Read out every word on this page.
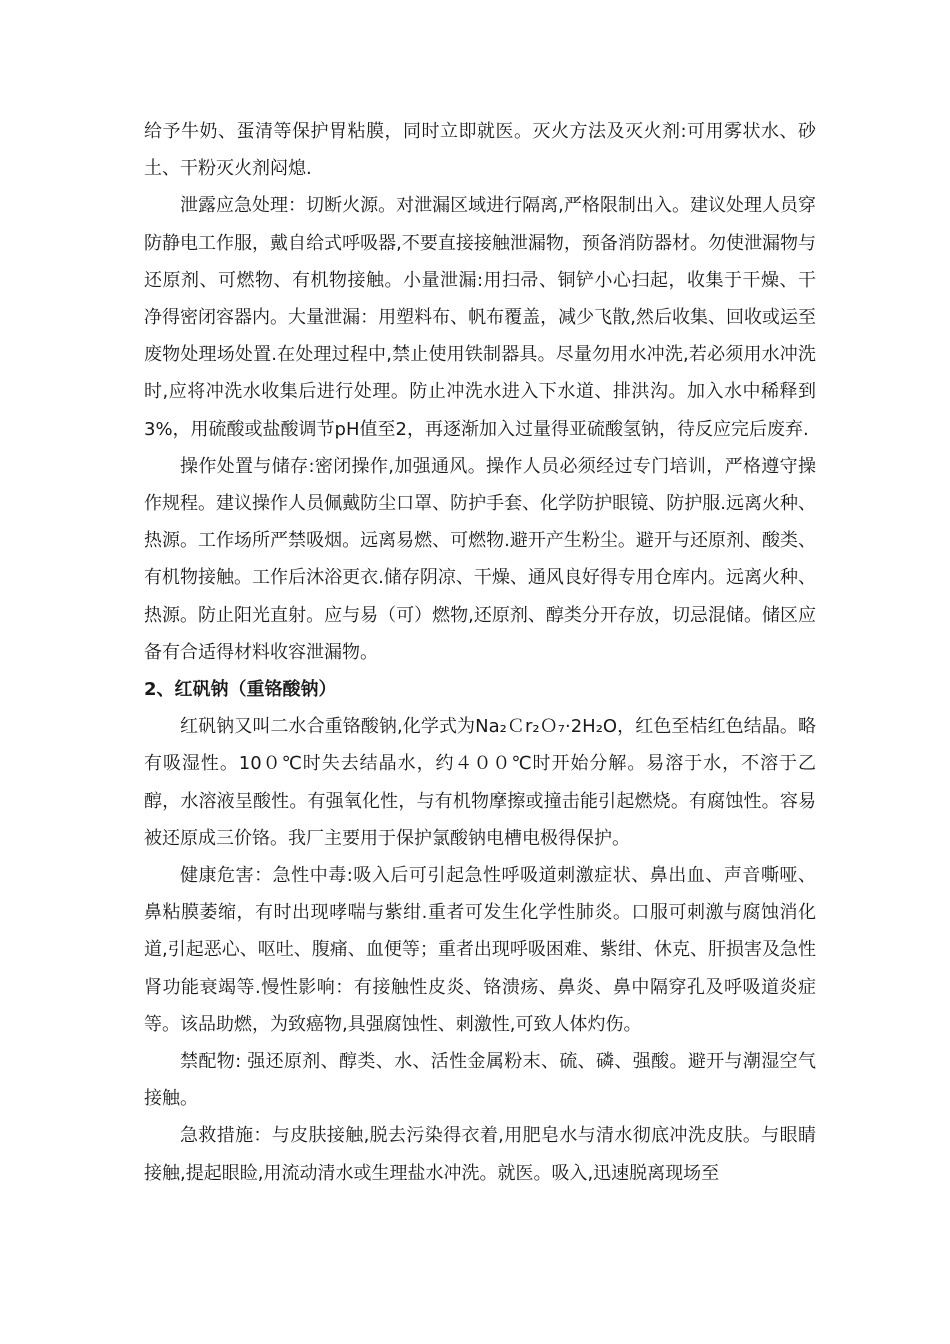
给予牛奶、蛋清等保护胃粘膜，同时立即就医。灭火方法及灭火剂:可用雾状水、砂土、干粉灭火剂闷熄.

泄露应急处理：切断火源。对泄漏区域进行隔离,严格限制出入。建议处理人员穿防静电工作服，戴自给式呼吸器,不要直接接触泄漏物，预备消防器材。勿使泄漏物与还原剂、可燃物、有机物接触。小量泄漏:用扫帚、铜铲小心扫起，收集于干燥、干净得密闭容器内。大量泄漏：用塑料布、帆布覆盖，减少飞散,然后收集、回收或运至废物处理场处置.在处理过程中,禁止使用铁制器具。尽量勿用水冲洗,若必须用水冲洗时,应将冲洗水收集后进行处理。防止冲洗水进入下水道、排洪沟。加入水中稀释到3%，用硫酸或盐酸调节pH值至2，再逐渐加入过量得亚硫酸氢钠，待反应完后废弃.

操作处置与储存:密闭操作,加强通风。操作人员必须经过专门培训，严格遵守操作规程。建议操作人员佩戴防尘口罩、防护手套、化学防护眼镜、防护服.远离火种、热源。工作场所严禁吸烟。远离易燃、可燃物.避开产生粉尘。避开与还原剂、酸类、有机物接触。工作后沐浴更衣.储存阴凉、干燥、通风良好得专用仓库内。远离火种、热源。防止阳光直射。应与易（可）燃物,还原剂、醇类分开存放，切忌混储。储区应备有合适得材料收容泄漏物。

2、红矾钠（重铬酸钠）

红矾钠又叫二水合重铬酸钠,化学式为Na₂Ｃr₂Ｏ₇·2H₂O，红色至桔红色结晶。略有吸湿性。10０℃时失去结晶水，约４００℃时开始分解。易溶于水，不溶于乙醇，水溶液呈酸性。有强氧化性，与有机物摩擦或撞击能引起燃烧。有腐蚀性。容易被还原成三价铬。我厂主要用于保护氯酸钠电槽电极得保护。

健康危害：急性中毒:吸入后可引起急性呼吸道刺激症状、鼻出血、声音嘶哑、鼻粘膜萎缩，有时出现哮喘与紫绀.重者可发生化学性肺炎。口服可刺激与腐蚀消化道,引起恶心、呕吐、腹痛、血便等；重者出现呼吸困难、紫绀、休克、肝损害及急性肾功能衰竭等.慢性影响：有接触性皮炎、铬溃疡、鼻炎、鼻中隔穿孔及呼吸道炎症等。该品助燃，为致癌物,具强腐蚀性、刺激性,可致人体灼伤。

禁配物: 强还原剂、醇类、水、活性金属粉末、硫、磷、强酸。避开与潮湿空气接触。

急救措施：与皮肤接触,脱去污染得衣着,用肥皂水与清水彻底冲洗皮肤。与眼睛接触,提起眼睑,用流动清水或生理盐水冲洗。就医。吸入,迅速脱离现场至
